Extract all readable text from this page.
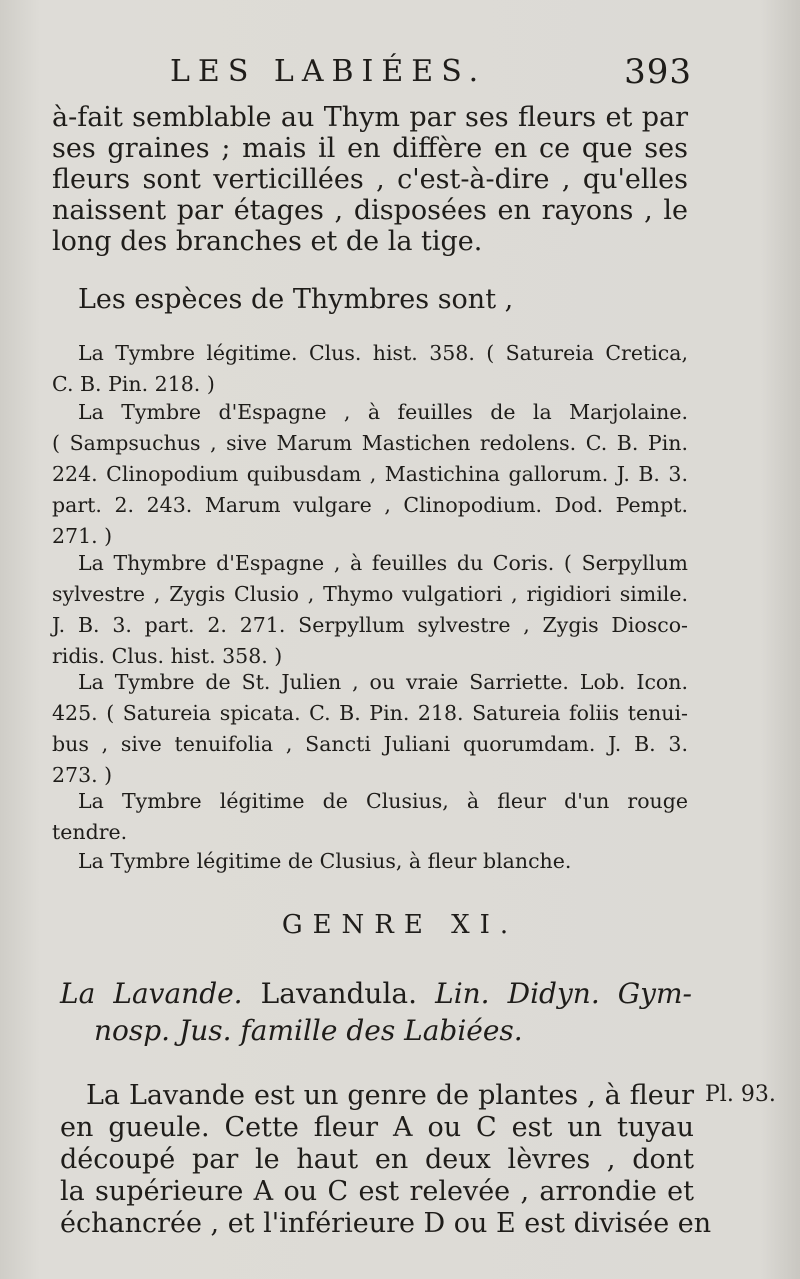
LES LABIÉES.	393
à-fait semblable au Thym par ses fleurs et par
ses graines ; mais il en diffère en ce que ses
fleurs sont verticillées , c'est-à-dire , qu'elles
naissent par étages , disposées en rayons , le
long des branches et de la tige.
Les espèces de Thymbres sont ,
La Tymbre légitime. Clus. hist. 358. ( Satureia Cretica,
C. B. Pin. 218. )
La Tymbre d'Espagne , à feuilles de la Marjolaine.
( Sampsuchus , sive Marum Mastichen redolens. C. B. Pin.
224. Clinopodium quibusdam , Mastichina gallorum. J. B. 3.
part. 2. 243. Marum vulgare , Clinopodium. Dod. Pempt.
271. )
La Thymbre d'Espagne , à feuilles du Coris. ( Serpyllum
sylvestre , Zygis Clusio , Thymo vulgatiori , rigidiori simile.
J. B. 3. part. 2. 271. Serpyllum sylvestre , Zygis Diosco-
ridis. Clus. hist. 358. )
La Tymbre de St. Julien , ou vraie Sarriette. Lob. Icon.
425. ( Satureia spicata. C. B. Pin. 218. Satureia foliis tenui-
bus , sive tenuifolia , Sancti Juliani quorumdam. J. B. 3.
273. )
La Tymbre légitime de Clusius, à fleur d'un rouge
tendre.
La Tymbre légitime de Clusius, à fleur blanche.
GENRE XI.
La Lavande. Lavandula. Lin. Didyn. Gym-
nosp. Jus. famille des Labiées.
La Lavande est un genre de plantes , à fleur
en gueule. Cette fleur A ou C est un tuyau
découpé par le haut en deux lèvres , dont
la supérieure A ou C est relevée , arrondie et
échancrée , et l'inférieure D ou E est divisée en
Pl. 93.
